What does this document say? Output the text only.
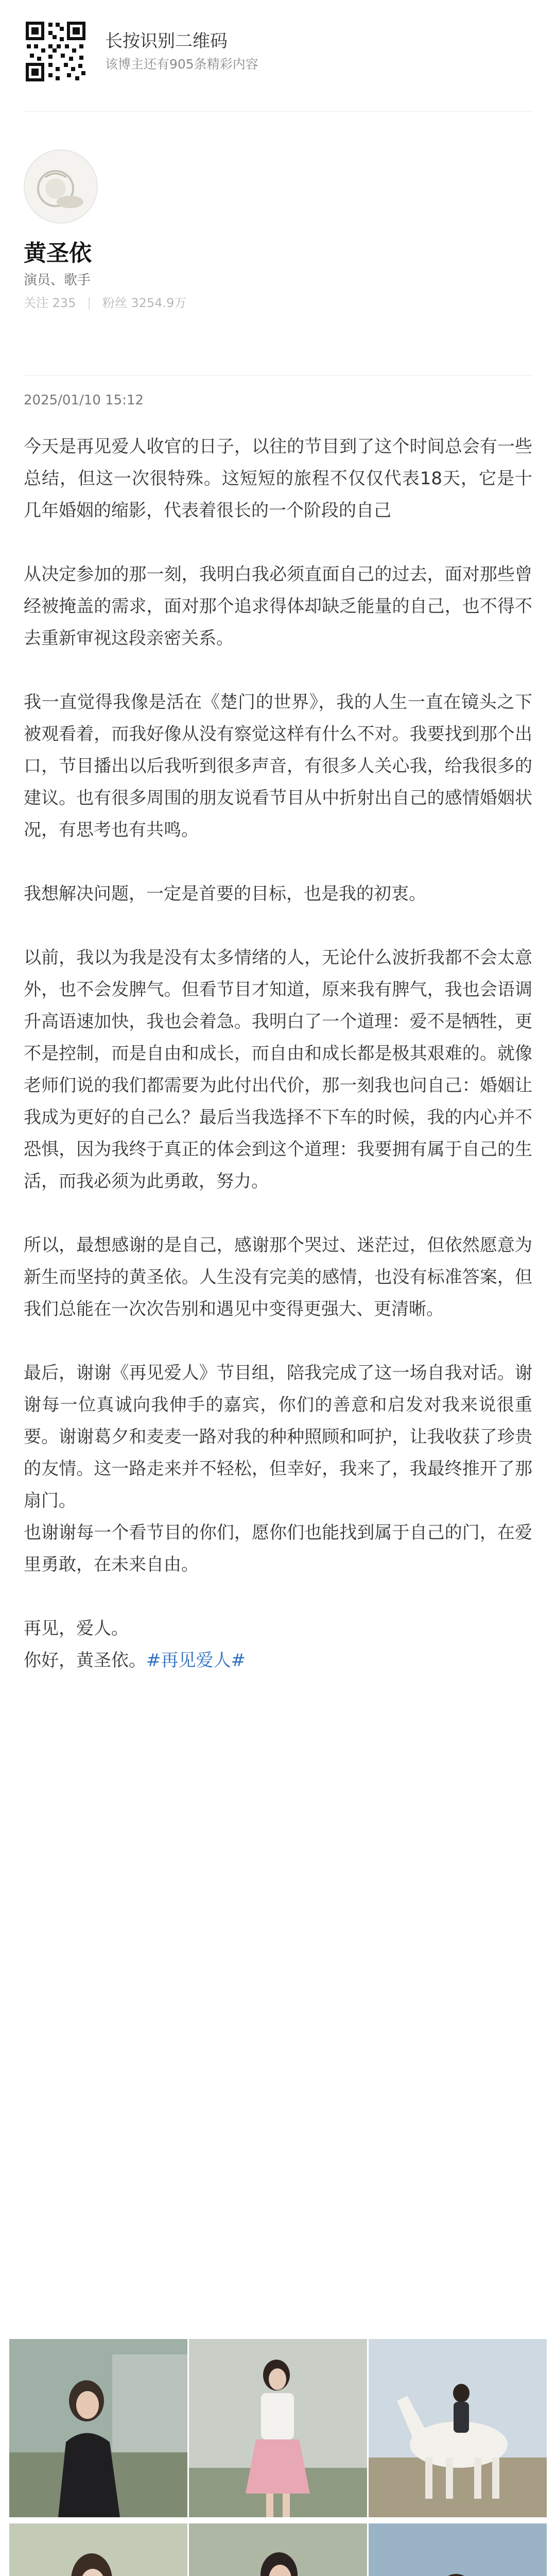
长按识别二维码
该博主还有905条精彩内容
黄圣依
演员、歌手
关注 235 | 粉丝 3254.9万
2025/01/10 15:12

今天是再见爱人收官的日子，以往的节目到了这个时间总会有一些总结，但这一次很特殊。这短短的旅程不仅仅代表18天，它是十几年婚姻的缩影，代表着很长的一个阶段的自己

从决定参加的那一刻，我明白我必须直面自己的过去，面对那些曾经被掩盖的需求，面对那个追求得体却缺乏能量的自己，也不得不去重新审视这段亲密关系。

我一直觉得我像是活在《楚门的世界》，我的人生一直在镜头之下被观看着，而我好像从没有察觉这样有什么不对。我要找到那个出口，节目播出以后我听到很多声音，有很多人关心我，给我很多的建议。也有很多周围的朋友说看节目从中折射出自己的感情婚姻状况，有思考也有共鸣。

我想解决问题，一定是首要的目标，也是我的初衷。

以前，我以为我是没有太多情绪的人，无论什么波折我都不会太意外，也不会发脾气。但看节目才知道，原来我有脾气，我也会语调升高语速加快，我也会着急。我明白了一个道理：爱不是牺牲，更不是控制，而是自由和成长，而自由和成长都是极其艰难的。就像老师们说的我们都需要为此付出代价，那一刻我也问自己：婚姻让我成为更好的自己么？最后当我选择不下车的时候，我的内心并不恐惧，因为我终于真正的体会到这个道理：我要拥有属于自己的生活，而我必须为此勇敢，努力。

所以，最想感谢的是自己，感谢那个哭过、迷茫过，但依然愿意为新生而坚持的黄圣依。人生没有完美的感情，也没有标准答案，但我们总能在一次次告别和遇见中变得更强大、更清晰。

最后，谢谢《再见爱人》节目组，陪我完成了这一场自我对话。谢谢每一位真诚向我伸手的嘉宾，你们的善意和启发对我来说很重要。谢谢葛夕和麦麦一路对我的种种照顾和呵护，让我收获了珍贵的友情。这一路走来并不轻松，但幸好，我来了，我最终推开了那扇门。

也谢谢每一个看节目的你们，愿你们也能找到属于自己的门，在爱里勇敢，在未来自由。

再见，爱人。

你好，黄圣依。#再见爱人#
